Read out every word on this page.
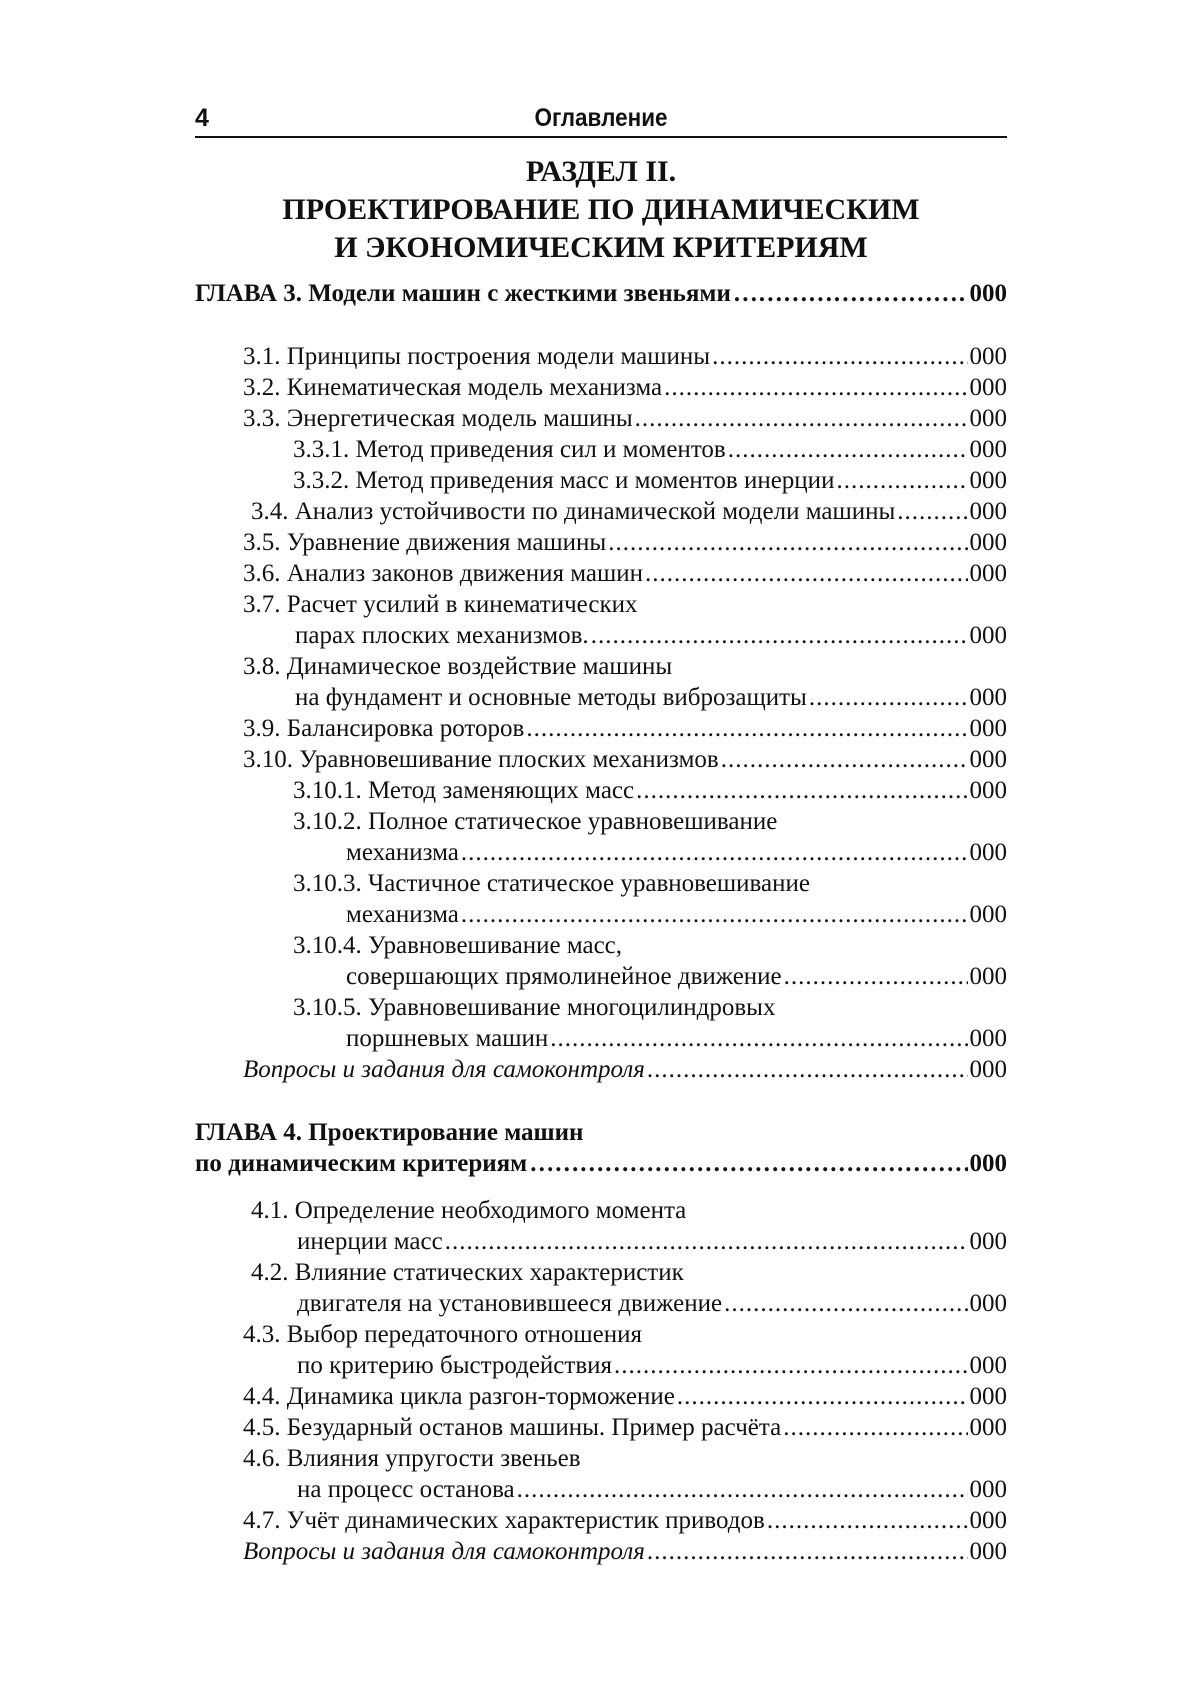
4	Оглавление
РАЗДЕЛ II.
ПРОЕКТИРОВАНИЕ ПО ДИНАМИЧЕСКИМ
И ЭКОНОМИЧЕСКИМ КРИТЕРИЯМ
ГЛАВА 3. Модели машин с жесткими звеньями …………………………………………………………………………………………………………………………………………	000
3.1. Принципы построения модели машины .....	000
3.2. Кинематическая модель механизма .....	000
3.3. Энергетическая модель машины .....	000
3.3.1. Метод приведения сил и моментов .....	000
3.3.2. Метод приведения масс и моментов инерции .....	000
3.4. Анализ устойчивости по динамической модели машины .....	000
3.5. Уравнение движения машины .....	000
3.6. Анализ законов движения машин .....	000
3.7. Расчет усилий в кинематических
парах плоских механизмов. .....	000
3.8. Динамическое воздействие машины
на фундамент и основные методы виброзащиты .....	000
3.9. Балансировка роторов .....	000
3.10. Уравновешивание плоских механизмов .....	000
3.10.1. Метод заменяющих масс .....	000
3.10.2. Полное статическое уравновешивание
механизма .....	000
3.10.3. Частичное статическое уравновешивание
механизма .....	000
3.10.4. Уравновешивание масс,
совершающих прямолинейное движение .....	000
3.10.5. Уравновешивание многоцилиндровых
поршневых машин .....	000
Вопросы и задания для самоконтроля .....	000
ГЛАВА 4. Проектирование машин
по динамическим критериям …………………………………………………………………………………………………………………………………………	000
4.1. Определение необходимого момента
инерции масс .....	000
4.2. Влияние статических характеристик
двигателя на установившееся движение .....	000
4.3. Выбор передаточного отношения
по критерию быстродействия .....	000
4.4. Динамика цикла разгон-торможение .....	000
4.5. Безударный останов машины. Пример расчёта .....	000
4.6. Влияния упругости звеньев
на процесс останова .....	000
4.7. Учёт динамических характеристик приводов .....	000
Вопросы и задания для самоконтроля .....	000
